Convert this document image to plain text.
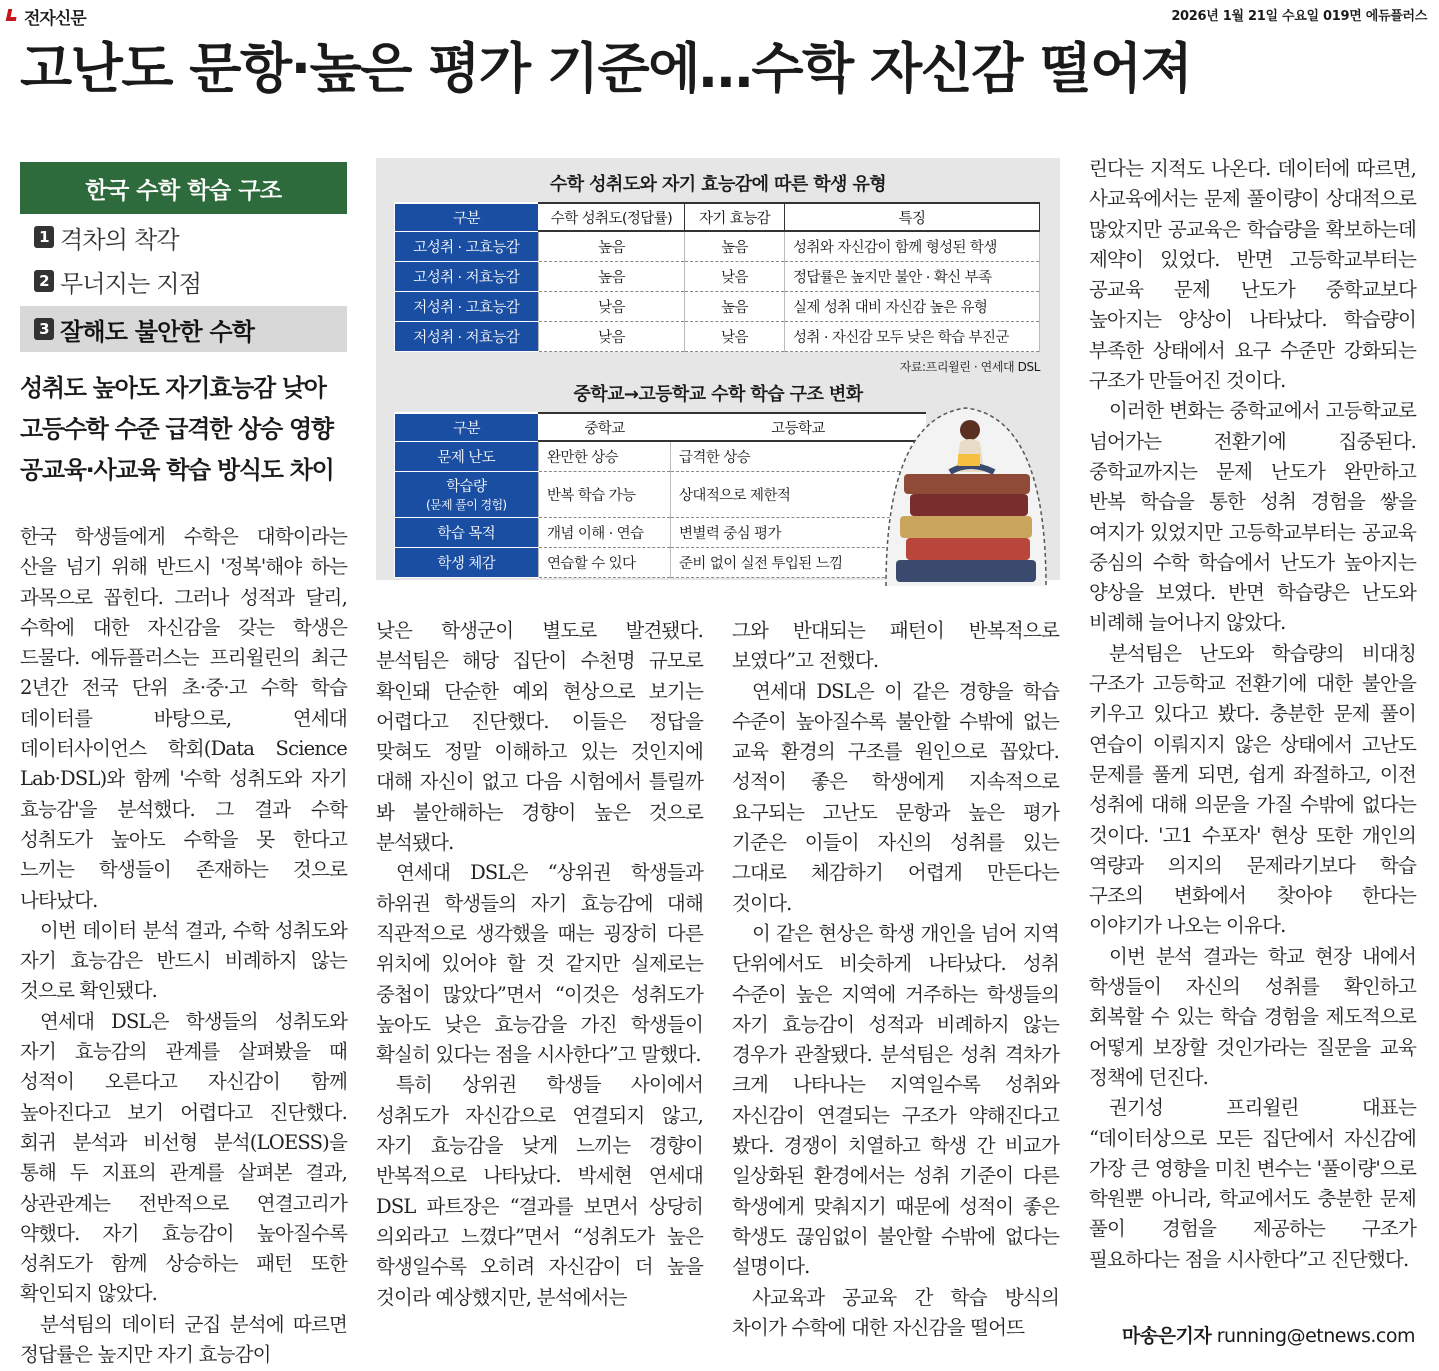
전자신문	2026년 1월 21일 수요일 019면 에듀플러스
고난도 문항·높은 평가 기준에…수학 자신감 떨어져
한국 수학 학습 구조
1 격차의 착각
2 무너지는 지점
3 잘해도 불안한 수학
성취도 높아도 자기효능감 낮아
고등수학 수준 급격한 상승 영향
공교육·사교육 학습 방식도 차이
수학 성취도와 자기 효능감에 따른 학생 유형
구분	수학 성취도(정답률)	자기 효능감	특징
고성취 · 고효능감	높음	높음	성취와 자신감이 함께 형성된 학생
고성취 · 저효능감	높음	낮음	정답률은 높지만 불안 · 확신 부족
저성취 · 고효능감	낮음	높음	실제 성취 대비 자신감 높은 유형
저성취 · 저효능감	낮음	낮음	성취 · 자신감 모두 낮은 학습 부진군
자료:프리윌린 · 연세대 DSL
중학교→고등학교 수학 학습 구조 변화
구분	중학교	고등학교
문제 난도	완만한 상승	급격한 상승

학습량
(문제 풀이 경험)	반복 학습 가능	상대적으로 제한적
학습 목적	개념 이해 · 연습	변별력 중심 평가
학생 체감	연습할 수 있다	준비 없이 실전 투입된 느낌

한국 학생들에게 수학은 대학이라는 산을 넘기 위해 반드시 '정복'해야 하는 과목으로 꼽힌다. 그러나 성적과 달리, 수학에 대한 자신감을 갖는 학생은 드물다. 에듀플러스는 프리윌린의 최근 2년간 전국 단위 초·중·고 수학 학습 데이터를 바탕으로, 연세대 데이터사이언스 학회(Data Science Lab·DSL)와 함께 '수학 성취도와 자기 효능감'을 분석했다. 그 결과 수학 성취도가 높아도 수학을 못 한다고 느끼는 학생들이 존재하는 것으로 나타났다.

이번 데이터 분석 결과, 수학 성취도와 자기 효능감은 반드시 비례하지 않는 것으로 확인됐다.

연세대 DSL은 학생들의 성취도와 자기 효능감의 관계를 살펴봤을 때 성적이 오른다고 자신감이 함께 높아진다고 보기 어렵다고 진단했다. 회귀 분석과 비선형 분석(LOESS)을 통해 두 지표의 관계를 살펴본 결과, 상관관계는 전반적으로 연결고리가 약했다. 자기 효능감이 높아질수록 성취도가 함께 상승하는 패턴 또한 확인되지 않았다.

분석팀의 데이터 군집 분석에 따르면 정답률은 높지만 자기 효능감이

낮은 학생군이 별도로 발견됐다. 분석팀은 해당 집단이 수천명 규모로 확인돼 단순한 예외 현상으로 보기는 어렵다고 진단했다. 이들은 정답을 맞혀도 정말 이해하고 있는 것인지에 대해 자신이 없고 다음 시험에서 틀릴까 봐 불안해하는 경향이 높은 것으로 분석됐다.

연세대 DSL은 “상위권 학생들과 하위권 학생들의 자기 효능감에 대해 직관적으로 생각했을 때는 굉장히 다른 위치에 있어야 할 것 같지만 실제로는 중첩이 많았다”면서 “이것은 성취도가 높아도 낮은 효능감을 가진 학생들이 확실히 있다는 점을 시사한다”고 말했다.

특히 상위권 학생들 사이에서 성취도가 자신감으로 연결되지 않고, 자기 효능감을 낮게 느끼는 경향이 반복적으로 나타났다. 박세현 연세대 DSL 파트장은 “결과를 보면서 상당히 의외라고 느꼈다”면서 “성취도가 높은 학생일수록 오히려 자신감이 더 높을 것이라 예상했지만, 분석에서는

그와 반대되는 패턴이 반복적으로 보였다”고 전했다.

연세대 DSL은 이 같은 경향을 학습 수준이 높아질수록 불안할 수밖에 없는 교육 환경의 구조를 원인으로 꼽았다. 성적이 좋은 학생에게 지속적으로 요구되는 고난도 문항과 높은 평가 기준은 이들이 자신의 성취를 있는 그대로 체감하기 어렵게 만든다는 것이다.

이 같은 현상은 학생 개인을 넘어 지역 단위에서도 비슷하게 나타났다. 성취 수준이 높은 지역에 거주하는 학생들의 자기 효능감이 성적과 비례하지 않는 경우가 관찰됐다. 분석팀은 성취 격차가 크게 나타나는 지역일수록 성취와 자신감이 연결되는 구조가 약해진다고 봤다. 경쟁이 치열하고 학생 간 비교가 일상화된 환경에서는 성취 기준이 다른 학생에게 맞춰지기 때문에 성적이 좋은 학생도 끊임없이 불안할 수밖에 없다는 설명이다.

사교육과 공교육 간 학습 방식의 차이가 수학에 대한 자신감을 떨어뜨

린다는 지적도 나온다. 데이터에 따르면, 사교육에서는 문제 풀이량이 상대적으로 많았지만 공교육은 학습량을 확보하는데 제약이 있었다. 반면 고등학교부터는 공교육 문제 난도가 중학교보다 높아지는 양상이 나타났다. 학습량이 부족한 상태에서 요구 수준만 강화되는 구조가 만들어진 것이다.

이러한 변화는 중학교에서 고등학교로 넘어가는 전환기에 집중된다. 중학교까지는 문제 난도가 완만하고 반복 학습을 통한 성취 경험을 쌓을 여지가 있었지만 고등학교부터는 공교육 중심의 수학 학습에서 난도가 높아지는 양상을 보였다. 반면 학습량은 난도와 비례해 늘어나지 않았다.

분석팀은 난도와 학습량의 비대칭 구조가 고등학교 전환기에 대한 불안을 키우고 있다고 봤다. 충분한 문제 풀이 연습이 이뤄지지 않은 상태에서 고난도 문제를 풀게 되면, 쉽게 좌절하고, 이전 성취에 대해 의문을 가질 수밖에 없다는 것이다. '고1 수포자' 현상 또한 개인의 역량과 의지의 문제라기보다 학습 구조의 변화에서 찾아야 한다는 이야기가 나오는 이유다.

이번 분석 결과는 학교 현장 내에서 학생들이 자신의 성취를 확인하고 회복할 수 있는 학습 경험을 제도적으로 어떻게 보장할 것인가라는 질문을 교육 정책에 던진다.

권기성 프리윌린 대표는 “데이터상으로 모든 집단에서 자신감에 가장 큰 영향을 미친 변수는 '풀이량'으로 학원뿐 아니라, 학교에서도 충분한 문제 풀이 경험을 제공하는 구조가 필요하다는 점을 시사한다”고 진단했다.

마송은기자 running@etnews.com
